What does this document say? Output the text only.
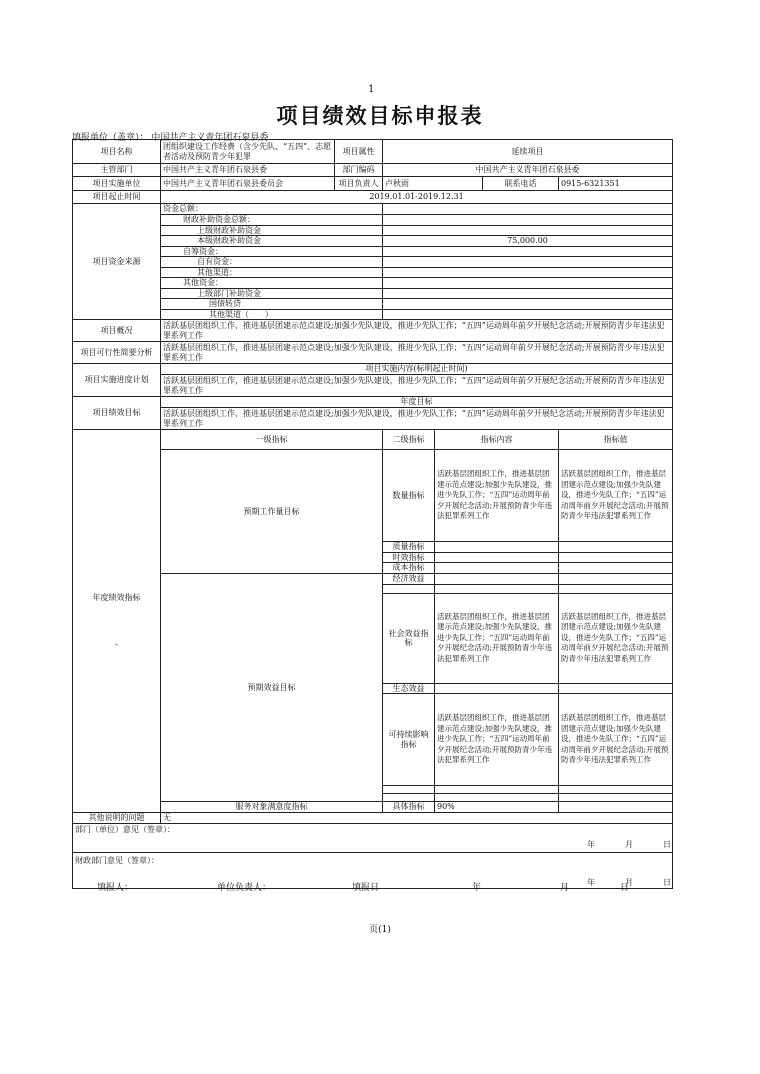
1
项目绩效目标申报表
填报单位（盖章）： 中国共产主义青年团石泉县委
项目名称	团组织建设工作经费（含少先队、“五四”、志愿者活动及预防青少年犯罪	项目属性	延续项目				
主管部门	中国共产主义青年团石泉县委	部门编码	中国共产主义青年团石泉县委				
项目实施单位	中国共产主义青年团石泉县委员会	项目负责人	卢秋雨		联系电话	0915-6321351	
项目起止时间	2019.01.01-2019.12.31						
项目资金来源	资金总额：						
	财政补助资金总额：						
	上级财政补助资金						
	本级财政补助资金		75,000.00				
	自筹资金：						
	自有资金：						
	其他渠道：						
	其他资金：						
	上级部门补助资金						
	国债转贷						
	其他渠道（　　）						
项目概况	活跃基层团组织工作，推进基层团建示范点建设;加强少先队建设，推进少先队工作；“五四”运动周年前夕开展纪念活动;开展预防青少年违法犯罪系列工作						

项目可行性简要分析	活跃基层团组织工作，推进基层团建示范点建设;加强少先队建设，推进少先队工作；“五四”运动周年前夕开展纪念活动;开展预防青少年违法犯罪系列工作						

项目实施进度计划	项目实施内容(标明起止时间)						

	活跃基层团组织工作，推进基层团建示范点建设;加强少先队建设，推进少先队工作；“五四”运动周年前夕开展纪念活动;开展预防青少年违法犯罪系列工作						

项目绩效目标	年度目标						

	活跃基层团组织工作，推进基层团建示范点建设;加强少先队建设，推进少先队工作；“五四”运动周年前夕开展纪念活动;开展预防青少年违法犯罪系列工作						

年度绩效指标

-	一级指标		二级指标	指标内容		指标值	
	预期工作量目标		数量指标	活跃基层团组织工作，推进基层团建示范点建设;加强少先队建设，推进少先队工作；“五四”运动周年前夕开展纪念活动;开展预防青少年违法犯罪系列工作		活跃基层团组织工作，推进基层团建示范点建设;加强少先队建设，推进少先队工作；“五四”运动周年前夕开展纪念活动;开展预防青少年违法犯罪系列工作	
			质量指标				
			时效指标				
			成本指标				
	预期效益目标		经济效益				

			社会效益指标	活跃基层团组织工作，推进基层团建示范点建设;加强少先队建设，推进少先队工作；“五四”运动周年前夕开展纪念活动;开展预防青少年违法犯罪系列工作		活跃基层团组织工作，推进基层团建示范点建设;加强少先队建设，推进少先队工作；“五四”运动周年前夕开展纪念活动;开展预防青少年违法犯罪系列工作	
			生态效益				
			可持续影响指标	活跃基层团组织工作，推进基层团建示范点建设;加强少先队建设，推进少先队工作；“五四”运动周年前夕开展纪念活动;开展预防青少年违法犯罪系列工作		活跃基层团组织工作，推进基层团建示范点建设;加强少先队建设，推进少先队工作；“五四”运动周年前夕开展纪念活动;开展预防青少年违法犯罪系列工作	

	服务对象满意度指标		具体指标	90%			
其他说明的问题	无						

部门（单位）意见（签章）：
年 月 日							

财政部门意见（签章）：
年 月 日							
填报人：	单位负责人：	填报日	年	月	日
页(1)
